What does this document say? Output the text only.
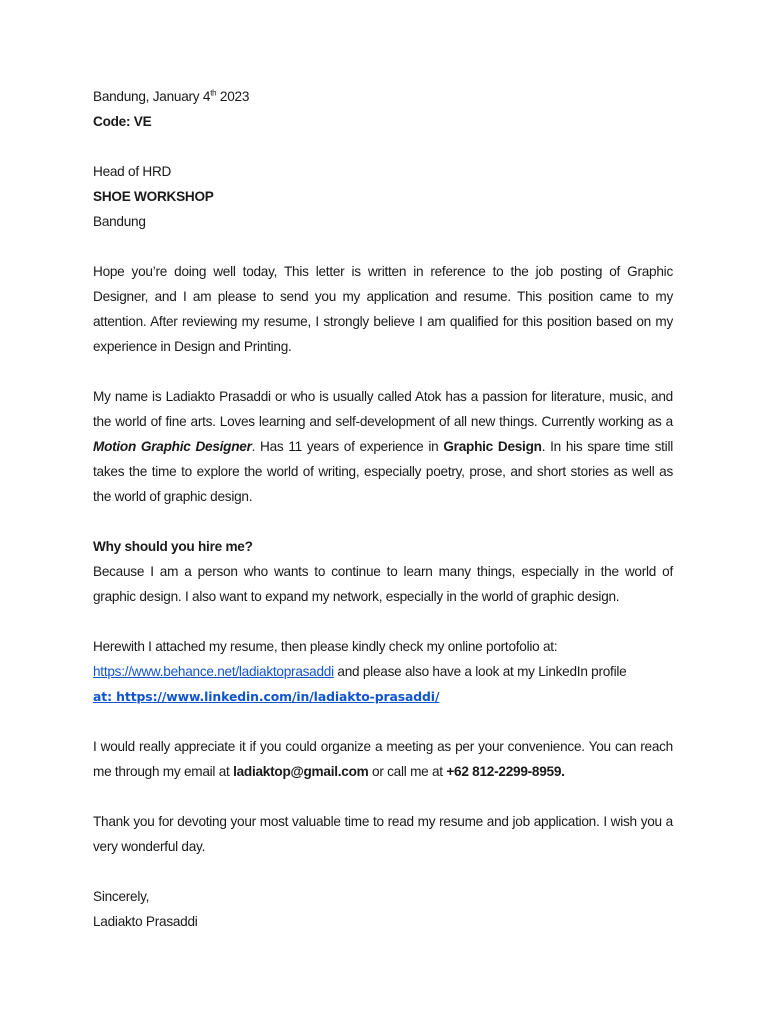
Bandung, January 4th 2023

Code: VE

Head of HRD

SHOE WORKSHOP

Bandung

Hope you’re doing well today, This letter is written in reference to the job posting of Graphic Designer, and I am please to send you my application and resume. This position came to my attention. After reviewing my resume, I strongly believe I am qualified for this position based on my experience in Design and Printing.

My name is Ladiakto Prasaddi or who is usually called Atok has a passion for literature, music, and the world of fine arts. Loves learning and self-development of all new things. Currently working as a Motion Graphic Designer. Has 11 years of experience in Graphic Design. In his spare time still takes the time to explore the world of writing, especially poetry, prose, and short stories as well as the world of graphic design.

Why should you hire me?

Because I am a person who wants to continue to learn many things, especially in the world of graphic design. I also want to expand my network, especially in the world of graphic design.

Herewith I attached my resume, then please kindly check my online portofolio at:

https://www.behance.net/ladiaktoprasaddi and please also have a look at my LinkedIn profile

at: https://www.linkedin.com/in/ladiakto-prasaddi/

I would really appreciate it if you could organize a meeting as per your convenience. You can reach me through my email at ladiaktop@gmail.com or call me at +62 812-2299-8959.

Thank you for devoting your most valuable time to read my resume and job application. I wish you a very wonderful day.

Sincerely,

Ladiakto Prasaddi
